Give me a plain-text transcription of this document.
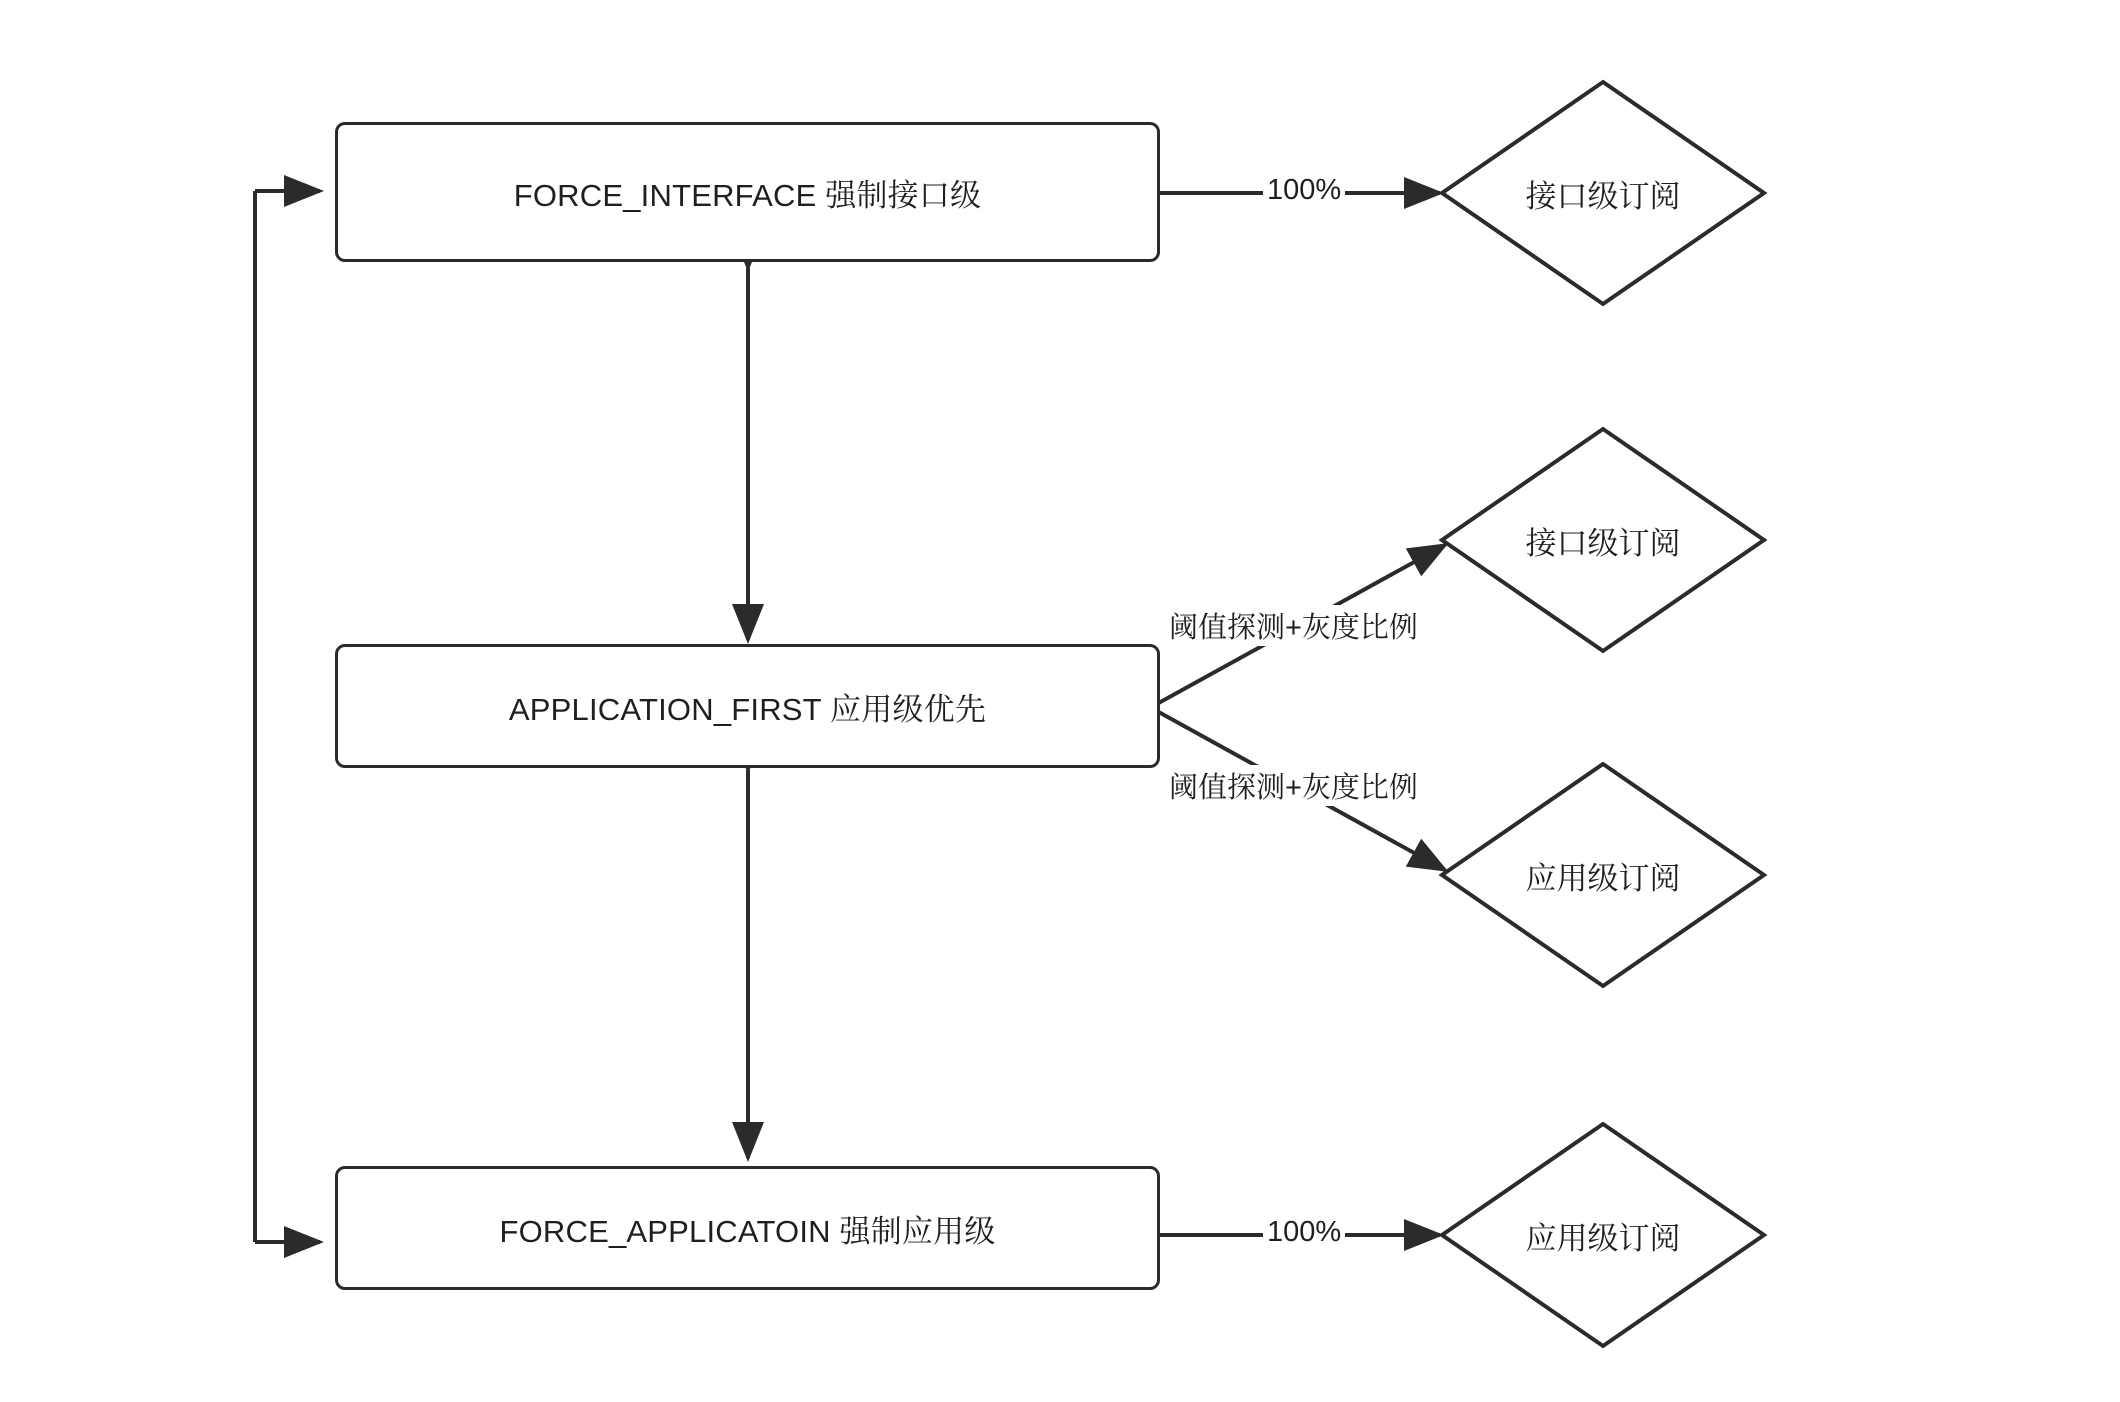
FORCE_INTERFACE 强制接口级
APPLICATION_FIRST 应用级优先
FORCE_APPLICATOIN 强制应用级
接口级订阅
接口级订阅
应用级订阅
应用级订阅
100%
阈值探测+灰度比例
阈值探测+灰度比例
100%
